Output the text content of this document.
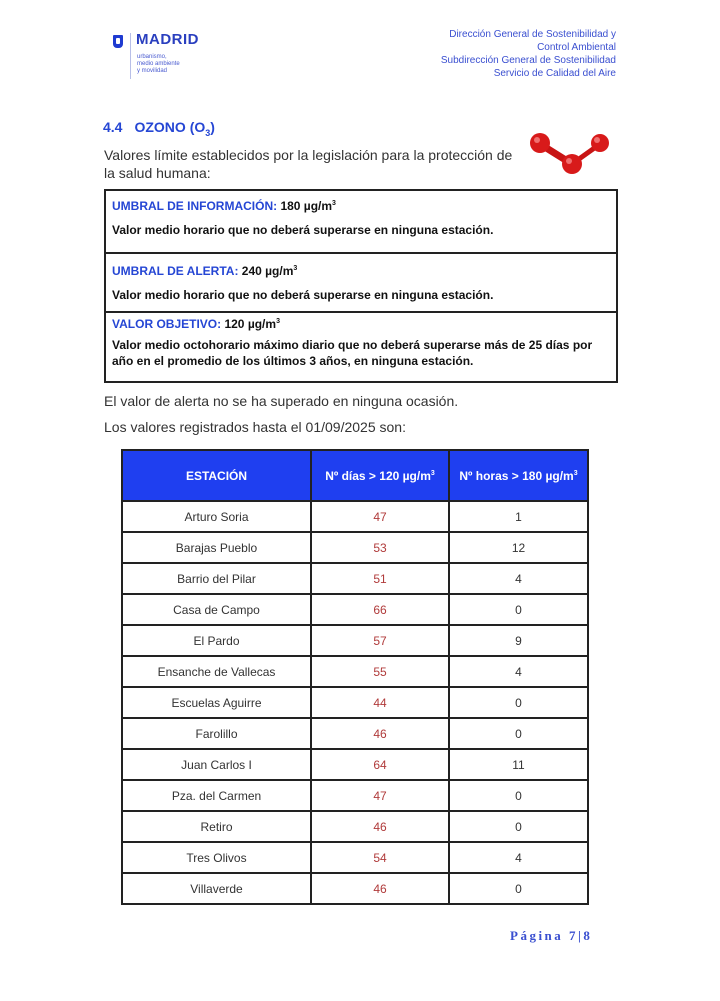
MADRID
urbanismo,
medio ambiente
y movilidad
Dirección General de Sostenibilidad y
Control Ambiental
Subdirección General de Sostenibilidad
Servicio de Calidad del Aire
4.4 OZONO $(O_3)$
Valores límite establecidos por la legislación para la protección de la salud humana:
UMBRAL DE INFORMACIÓN: 180 $\mu g/m^3$
Valor medio horario que no deberá superarse en ninguna estación.
UMBRAL DE ALERTA: 240 $\mu g/m^3$
Valor medio horario que no deberá superarse en ninguna estación.
VALOR OBJETIVO: 120 $\mu g/m^3$
Valor medio octohorario máximo diario que no deberá superarse más de 25 días por año en el promedio de los últimos 3 años, en ninguna estación.
El valor de alerta no se ha superado en ninguna ocasión.
Los valores registrados hasta el 01/09/2025 son:
ESTACIÓN	Nº días > 120 $\mu g/m^3$	Nº horas > 180 $\mu g/m^3$
Arturo Soria	47	1
Barajas Pueblo	53	12
Barrio del Pilar	51	4
Casa de Campo	66	0
El Pardo	57	9
Ensanche de Vallecas	55	4
Escuelas Aguirre	44	0
Farolillo	46	0
Juan Carlos I	64	11
Pza. del Carmen	47	0
Retiro	46	0
Tres Olivos	54	4
Villaverde	46	0
Página 7|8
